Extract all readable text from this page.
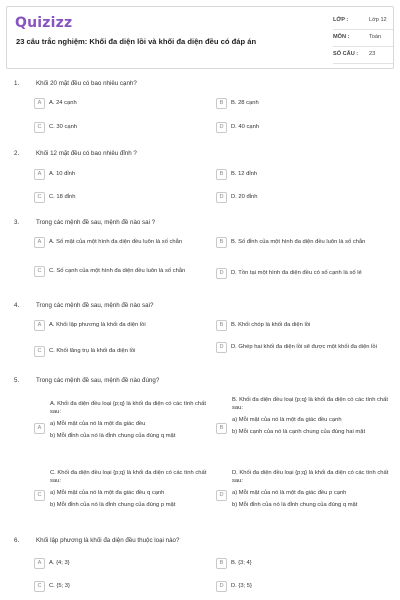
Quizizz
23 câu trắc nghiệm: Khối đa diện lồi và khối đa diện đều có đáp án
LỚP :	Lớp 12
MÔN :	Toán
SỐ CÂU : 23
1.	Khối 20 mặt đều có bao nhiêu cạnh?
A	A. 24 cạnh	B	B. 28 cạnh
C	C. 30 cạnh	D	D. 40 cạnh
2.	Khối 12 mặt đều có bao nhiêu đỉnh ?
A	A. 10 đỉnh	B	B. 12 đỉnh
C	C. 18 đỉnh	D	D. 20 đỉnh
3.	Trong các mệnh đề sau, mệnh đề nào sai ?
A	A. Số mặt của một hình đa diện đều luôn là số chẵn	B	B. Số đỉnh của một hình đa diện đều luôn là số chẵn
C	C. Số cạnh của một hình đa diện đều luôn là số chẵn	D	D. Tồn tại một hình đa diện đều có số cạnh là số lẻ
4.	Trong các mệnh đề sau, mệnh đề nào sai?
A	A. Khối lập phương là khối đa diện lồi	B	B. Khối chóp là khối đa diện lồi
C	C. Khối lăng trụ là khối đa diện lồi
D	D. Ghép hai khối đa diện lồi sẽ được một khối đa diện lồi
5.	Trong các mệnh đề sau, mệnh đề nào đúng?
A
A. Khối đa diện đều loại {p;q} là khối đa diện có các tính chất sau:
a) Mỗi mặt của nó là một đa giác đều
b) Mỗi đỉnh của nó là đỉnh chung của đúng q mặt
B
B. Khối đa diện đều loại {p;q} là khối đa diện có các tính chất sau:
a) Mỗi mặt của nó là một đa giác đều cạnh
b) Mỗi cạnh của nó là cạnh chung của đúng hai mặt
C
C. Khối đa diện đều loại {p;q} là khối đa diện có các tính chất sau:
a) Mỗi mặt của nó là một đa giác đều q cạnh
b) Mỗi đỉnh của nó là đỉnh chung của đúng p mặt
D
D. Khối đa diện đều loại {p;q} là khối đa diện có các tính chất sau:
a) Mỗi mặt của nó là một đa giác đều p cạnh
b) Mỗi đỉnh của nó là đỉnh chung của đúng q mặt
6.	Khối lập phương là khối đa diện đều thuộc loại nào?
A	A. {4; 3}	B	B. {3; 4}
C	C. {5; 3}	D	D. {3; 5}
